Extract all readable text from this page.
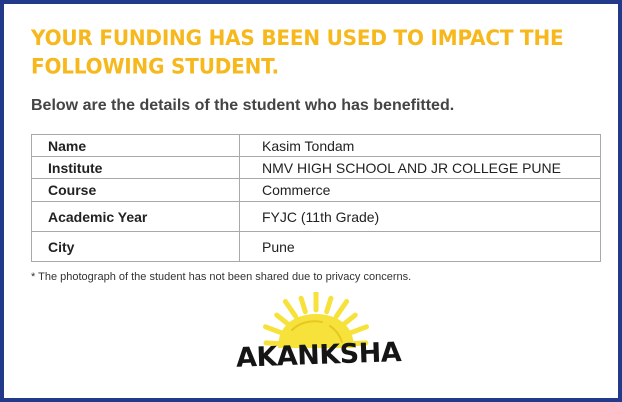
YOUR FUNDING HAS BEEN USED TO IMPACT THE
FOLLOWING STUDENT.

Below are the details of the student who has benefitted.

Name	Kasim Tondam
Institute	NMV HIGH SCHOOL AND JR COLLEGE PUNE
Course	Commerce
Academic Year	FYJC (11th Grade)
City	Pune

* The photograph of the student has not been shared due to privacy concerns.

AKANKSHA
